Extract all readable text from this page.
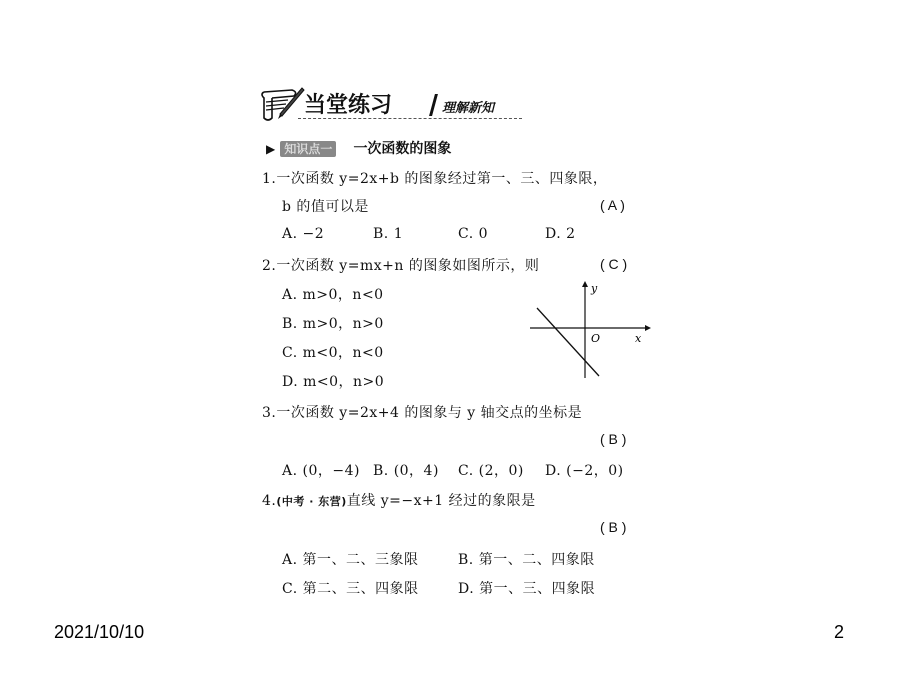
当堂练习	理解新知
▶ 知识点一 一次函数的图象
1.一次函数 y=2x+b 的图象经过第一、三、四象限，
b 的值可以是	( A )
A. −2	B. 1	C. 0	D. 2
2.一次函数 y=mx+n 的图象如图所示，则	( C )
A. m>0，n<0
B. m>0，n>0
C. m<0，n<0
D. m<0，n>0
y
x
O
3.一次函数 y=2x+4 的图象与 y 轴交点的坐标是
( B )
A. (0，−4) B. (0，4) C. (2，0) D. (−2，0)
4.(中考 · 东营)直线 y=−x+1 经过的象限是
( B )
A. 第一、二、三象限	B. 第一、二、四象限
C. 第二、三、四象限	D. 第一、三、四象限
2021/10/10	2
